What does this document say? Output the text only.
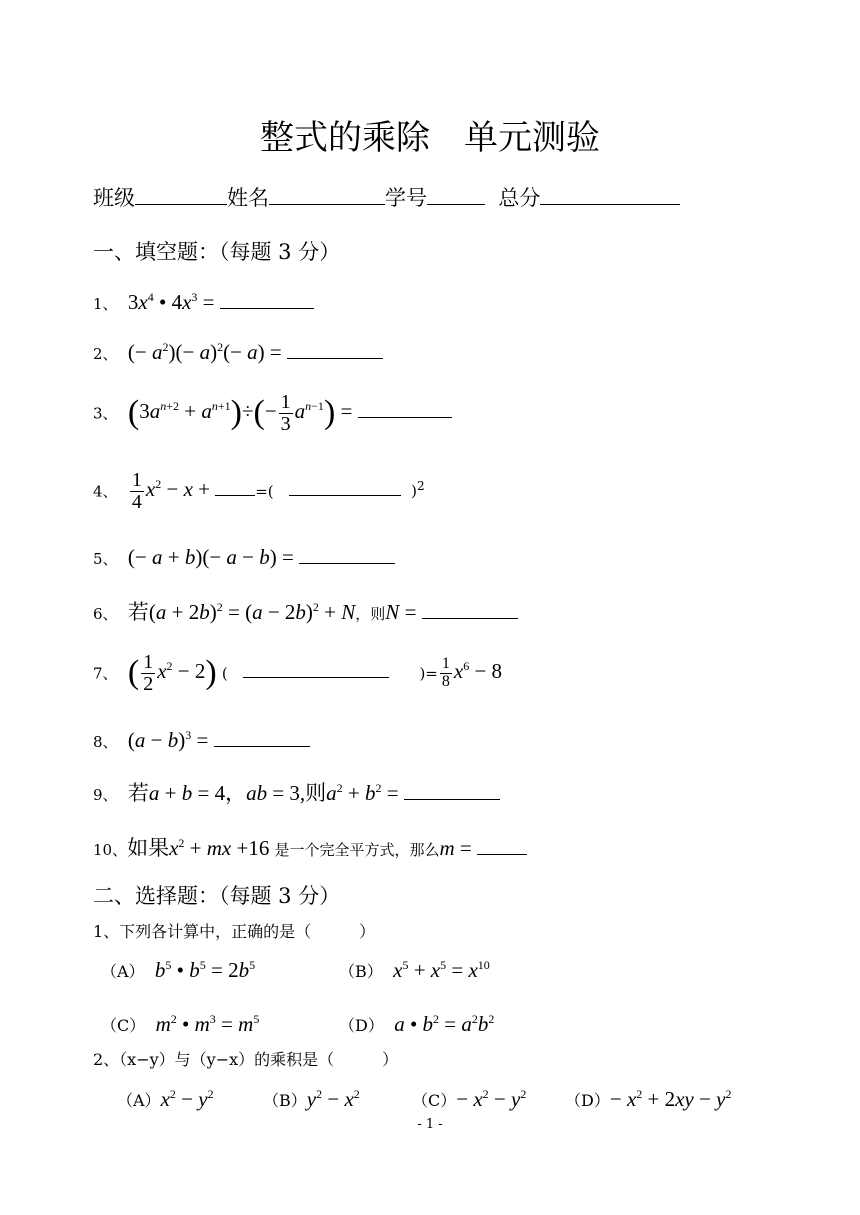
整式的乘除　单元测验
班级	姓名	学号	总分
一、填空题：（每题 3 分）
1、  $3x^4$ • $4x^3$ =
2、  (− $a^2)(- a)^2(- a)$ =
3、 $(3a^{n+2} + a^{n+1})\div(- \frac{1}{3} a^{n-1})$ =
4、 $\frac{1}{4} x^2 - x$ +	=(	)$^2$
5、  (− a + b)(− a − b) =
6、 若$(a + 2b)^2 = (a - 2b)^2 + N$，则N =
7、 ( $\frac{1}{2} x^2 - 2$) (	)= $\frac{1}{8} x^6 - 8$
8、  $(a - b)^3$ =
9、 若a + b = 4，ab = 3,则$a^2 + b^2$ =
10、如果$x^2$ + mx +16 是一个完全平方式，那么m =
二、选择题：（每题 3 分）
1、下列各计算中，正确的是（　　　）
（A） $b^5$ • $b^5 = 2b^5$	（B） $x^5 + x^5 = x^{10}$
（C） $m^2$ • $m^3 = m^5$	（D） a • $b^2 = a^2b^2$
2、（x−y）与（y−x）的乘积是（　　　）
$(A)x^2 - y^2$	$(B)y^2 - x^2$	$(C)- x^2 - y^2$ $(D)- x^2 + 2xy - y^2$
- 1 -
